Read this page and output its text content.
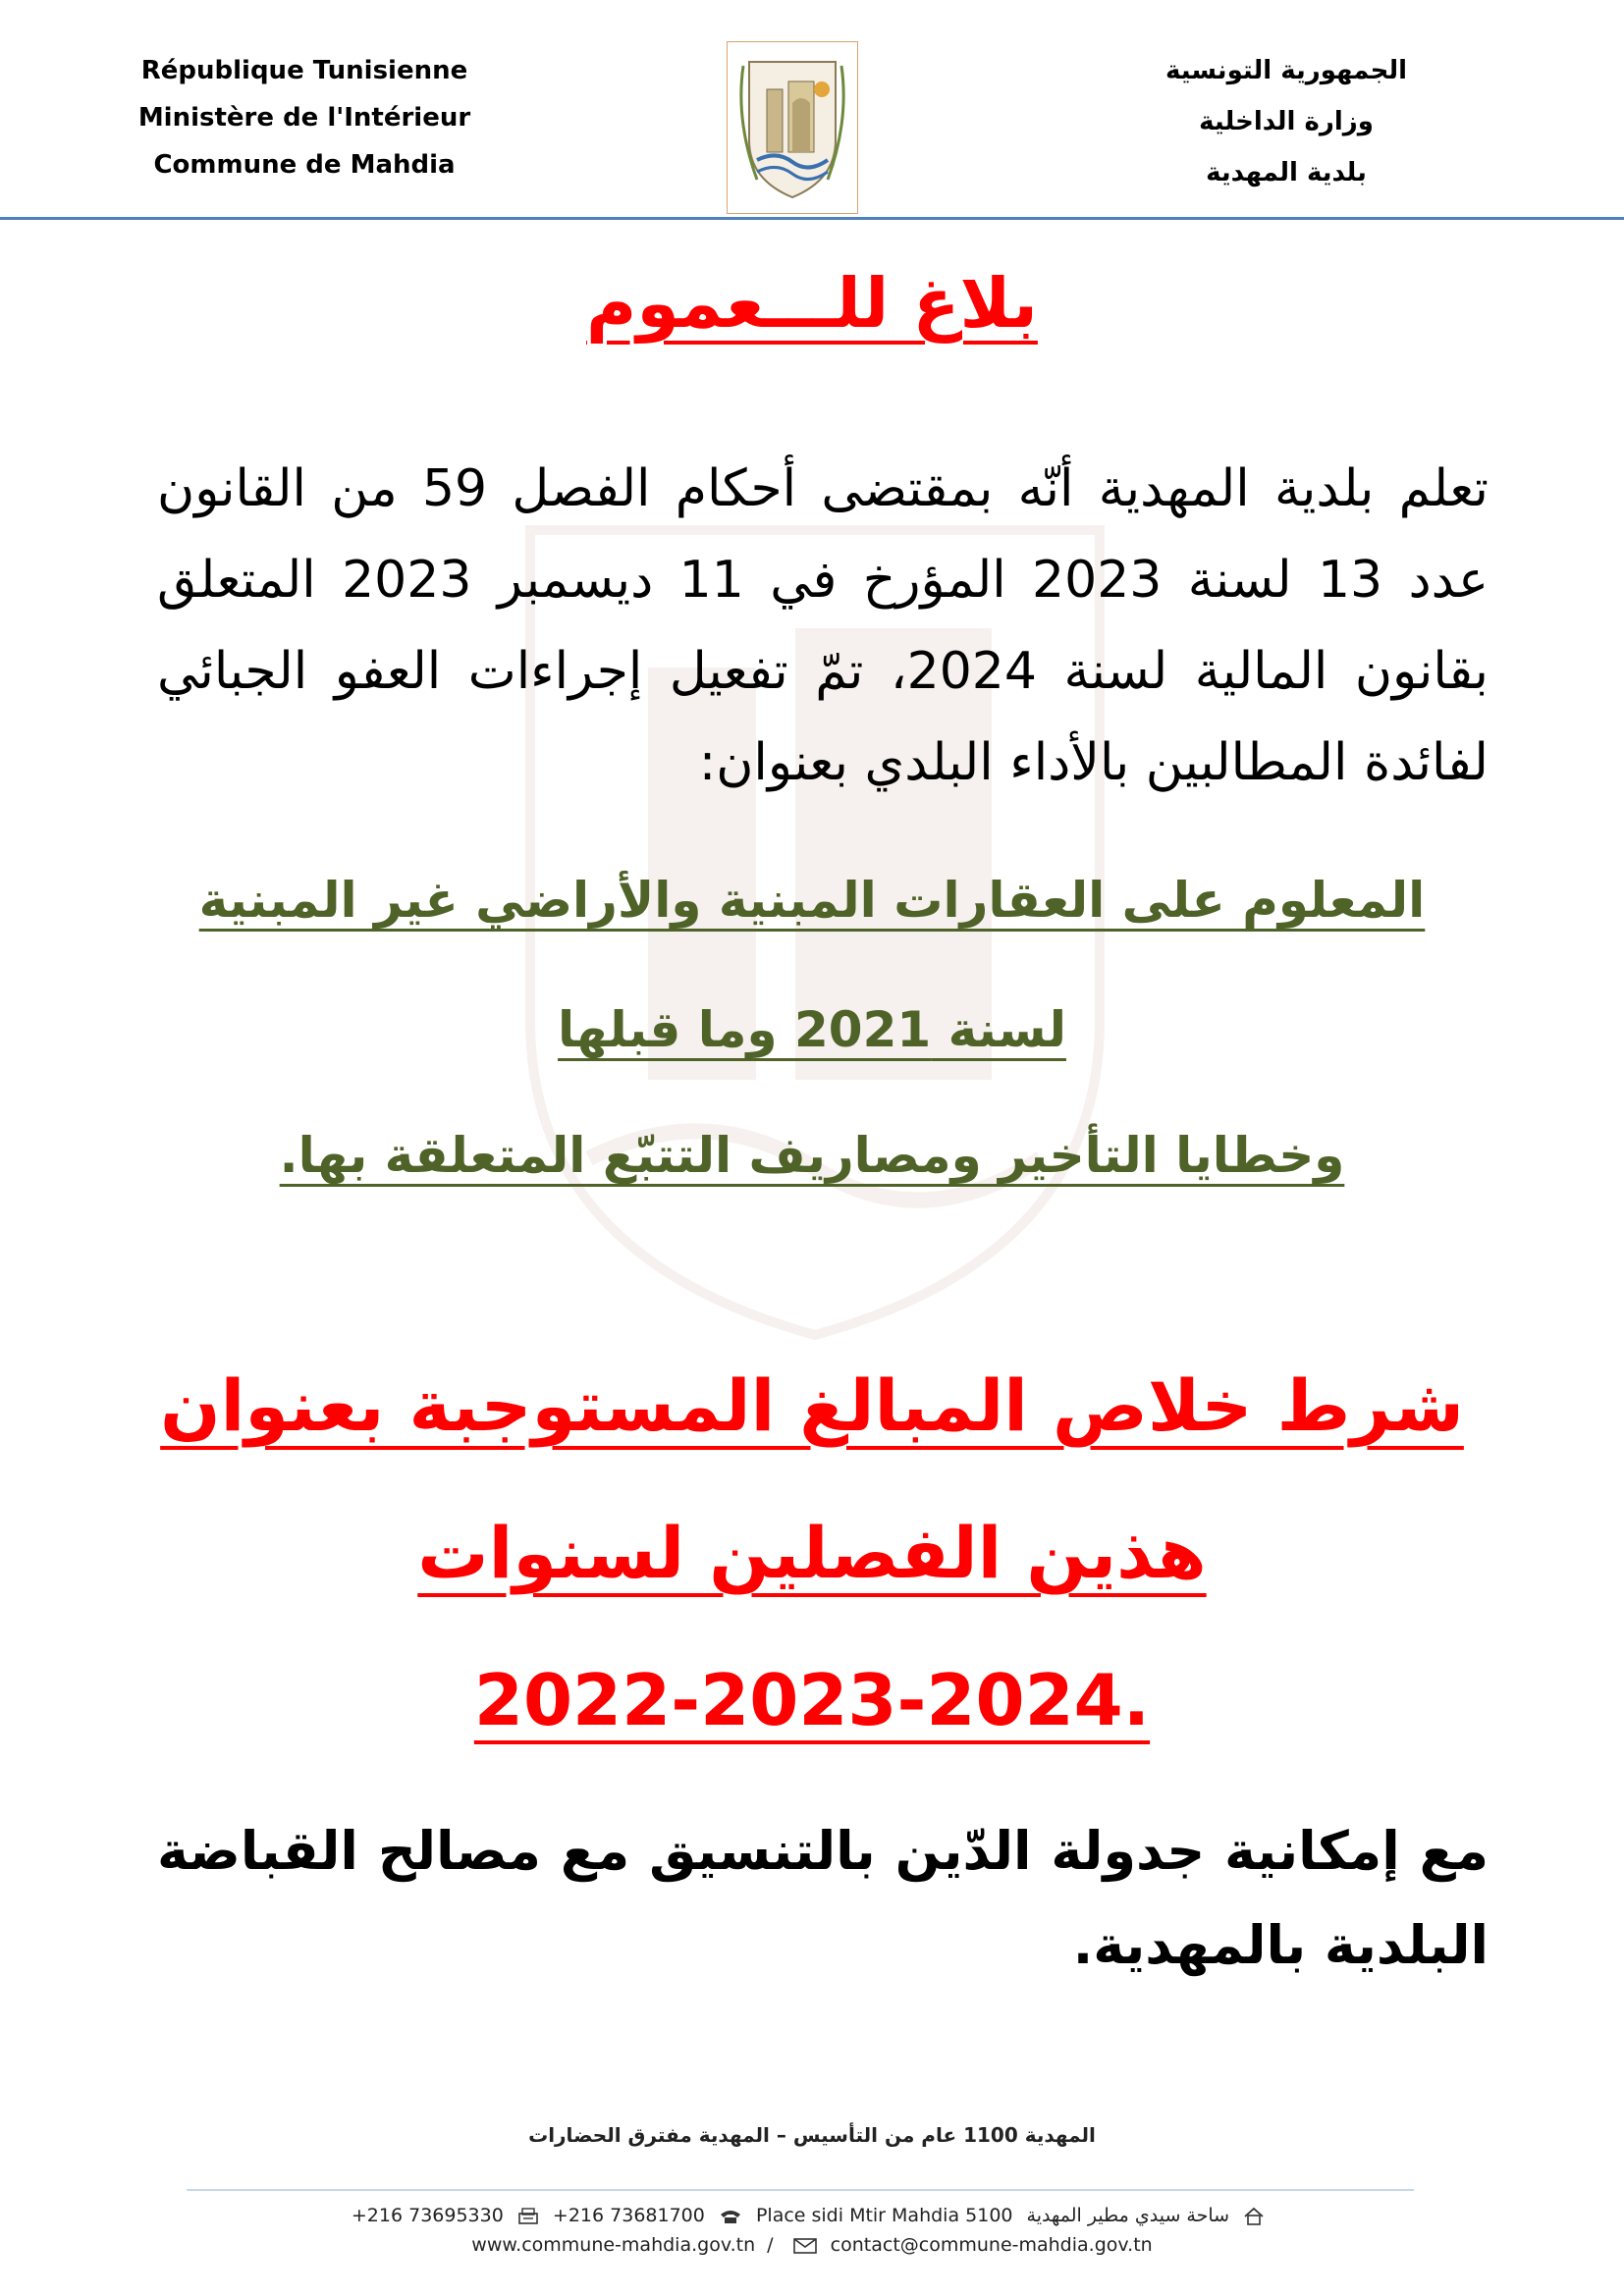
République Tunisienne
Ministère de l'Intérieur
Commune de Mahdia
الجمهورية التونسية
وزارة الداخلية
بلدية المهدية
بلاغ للـــعموم
تعلم بلدية المهدية أنّه بمقتضى أحكام الفصل 59 من القانون عدد 13 لسنة 2023 المؤرخ في 11 ديسمبر 2023 المتعلق بقانون المالية لسنة 2024، تمّ تفعيل إجراءات العفو الجبائي لفائدة المطالبين بالأداء البلدي بعنوان:
المعلوم على العقارات المبنية والأراضي غير المبنية
لسنة 2021 وما قبلها
وخطايا التأخير ومصاريف التتبّع المتعلقة بها.
شرط خلاص المبالغ المستوجبة بعنوان
هذين الفصلين لسنوات
2022-2023-2024.
مع إمكانية جدولة الدّين بالتنسيق مع مصالح القباضة البلدية بالمهدية.
المهدية 1100 عام من التأسيس – المهدية مفترق الحضارات
+216 73695330	+216 73681700	Place sidi Mtir Mahdia 5100 ساحة سيدي مطير المهدية
www.commune-mahdia.gov.tn /	contact@commune-mahdia.gov.tn
